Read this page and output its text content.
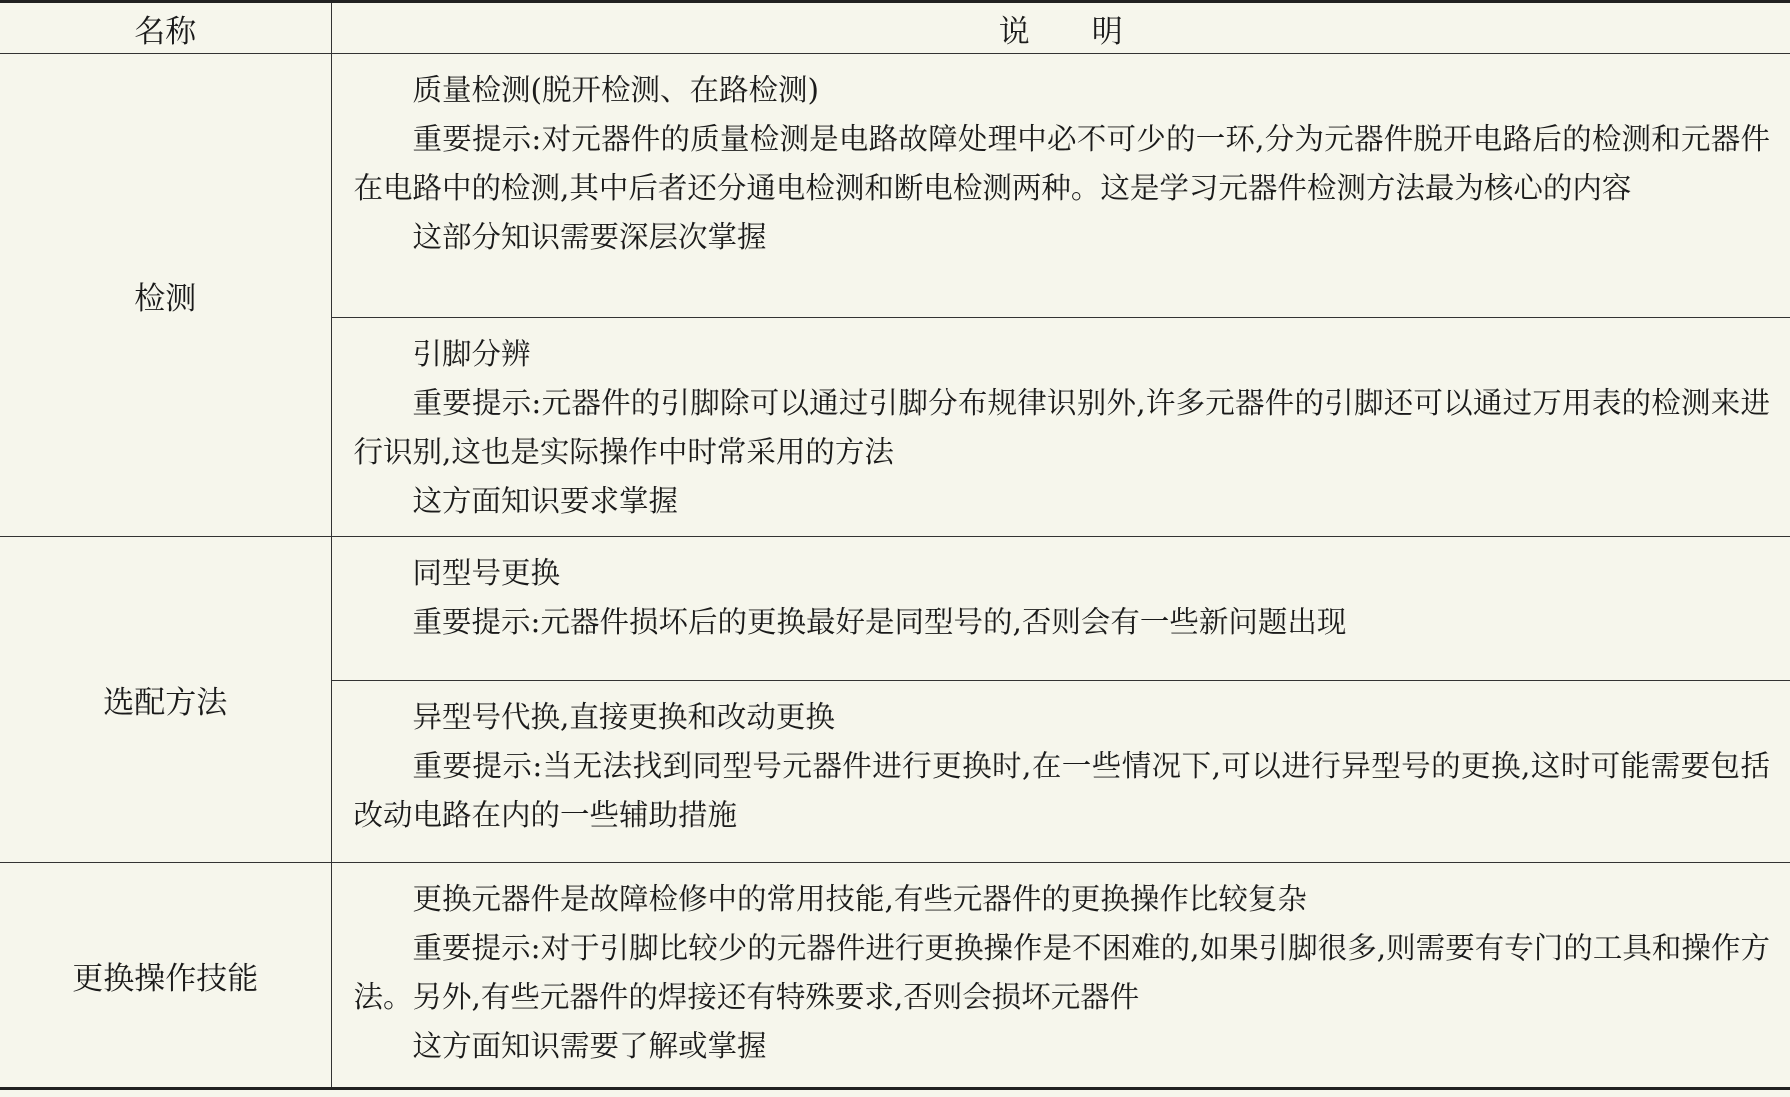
名称	说　　明
检测	质量检测(脱开检测、在路检测)

重要提示:对元器件的质量检测是电路故障处理中必不可少的一环,分为元器件脱开电路后的检测和元器件在电路中的检测,其中后者还分通电检测和断电检测两种。这是学习元器件检测方法最为核心的内容

这部分知识需要深层次掌握

	引脚分辨

重要提示:元器件的引脚除可以通过引脚分布规律识别外,许多元器件的引脚还可以通过万用表的检测来进行识别,这也是实际操作中时常采用的方法

这方面知识要求掌握

选配方法	同型号更换

重要提示:元器件损坏后的更换最好是同型号的,否则会有一些新问题出现

	异型号代换,直接更换和改动更换

重要提示:当无法找到同型号元器件进行更换时,在一些情况下,可以进行异型号的更换,这时可能需要包括改动电路在内的一些辅助措施

更换操作技能	更换元器件是故障检修中的常用技能,有些元器件的更换操作比较复杂

重要提示:对于引脚比较少的元器件进行更换操作是不困难的,如果引脚很多,则需要有专门的工具和操作方法。另外,有些元器件的焊接还有特殊要求,否则会损坏元器件

这方面知识需要了解或掌握
